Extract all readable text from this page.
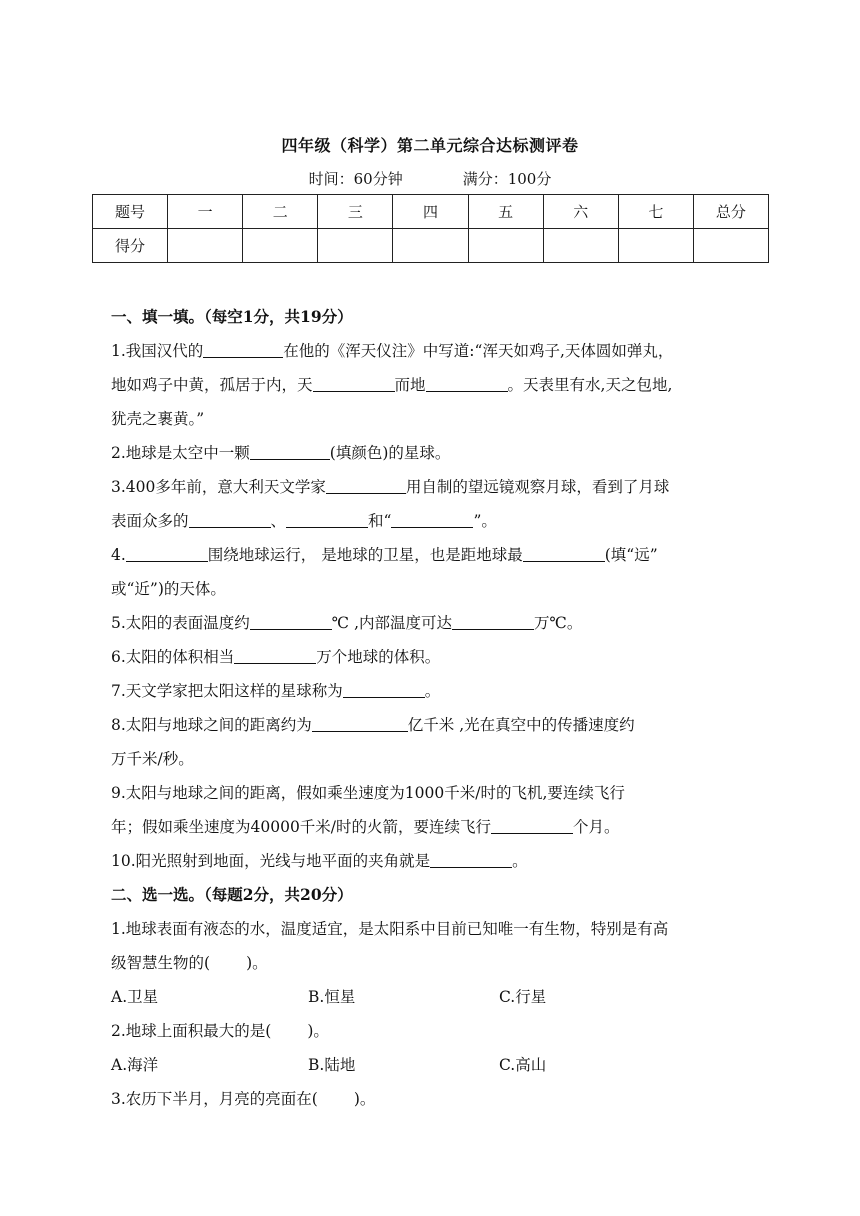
四年级（科学）第二单元综合达标测评卷
时间：60分钟	满分：100分
题号	一	二	三	四	五	六	七	总分
得分								
一、填一填。（每空1分，共19分）
1.我国汉代的	在他的《浑天仪注》中写道:“浑天如鸡子,天体圆如弹丸，
地如鸡子中黄，孤居于内，天	而地	。天表里有水,天之包地,
犹壳之裹黄。”
2.地球是太空中一颗	(填颜色)的星球。
3.400多年前，意大利天文学家	用自制的望远镜观察月球，看到了月球
表面众多的	、	和“	”。
4.	围绕地球运行， 是地球的卫星，也是距地球最	(填“远”
或“近”)的天体。
5.太阳的表面温度约	℃ ,内部温度可达	万℃。
6.太阳的体积相当	万个地球的体积。
7.天文学家把太阳这样的星球称为	。
8.太阳与地球之间的距离约为	亿千米 ,光在真空中的传播速度约
万千米/秒。
9.太阳与地球之间的距离，假如乘坐速度为1000千米/时的飞机,要连续飞行
年；假如乘坐速度为40000千米/时的火箭，要连续飞行	个月。
10.阳光照射到地面，光线与地平面的夹角就是	。
二、选一选。（每题2分，共20分）
1.地球表面有液态的水，温度适宜，是太阳系中目前已知唯一有生物，特别是有高
级智慧生物的( )。
A.卫星	B.恒星	C.行星
2.地球上面积最大的是( )。
A.海洋	B.陆地	C.高山
3.农历下半月，月亮的亮面在( )。
